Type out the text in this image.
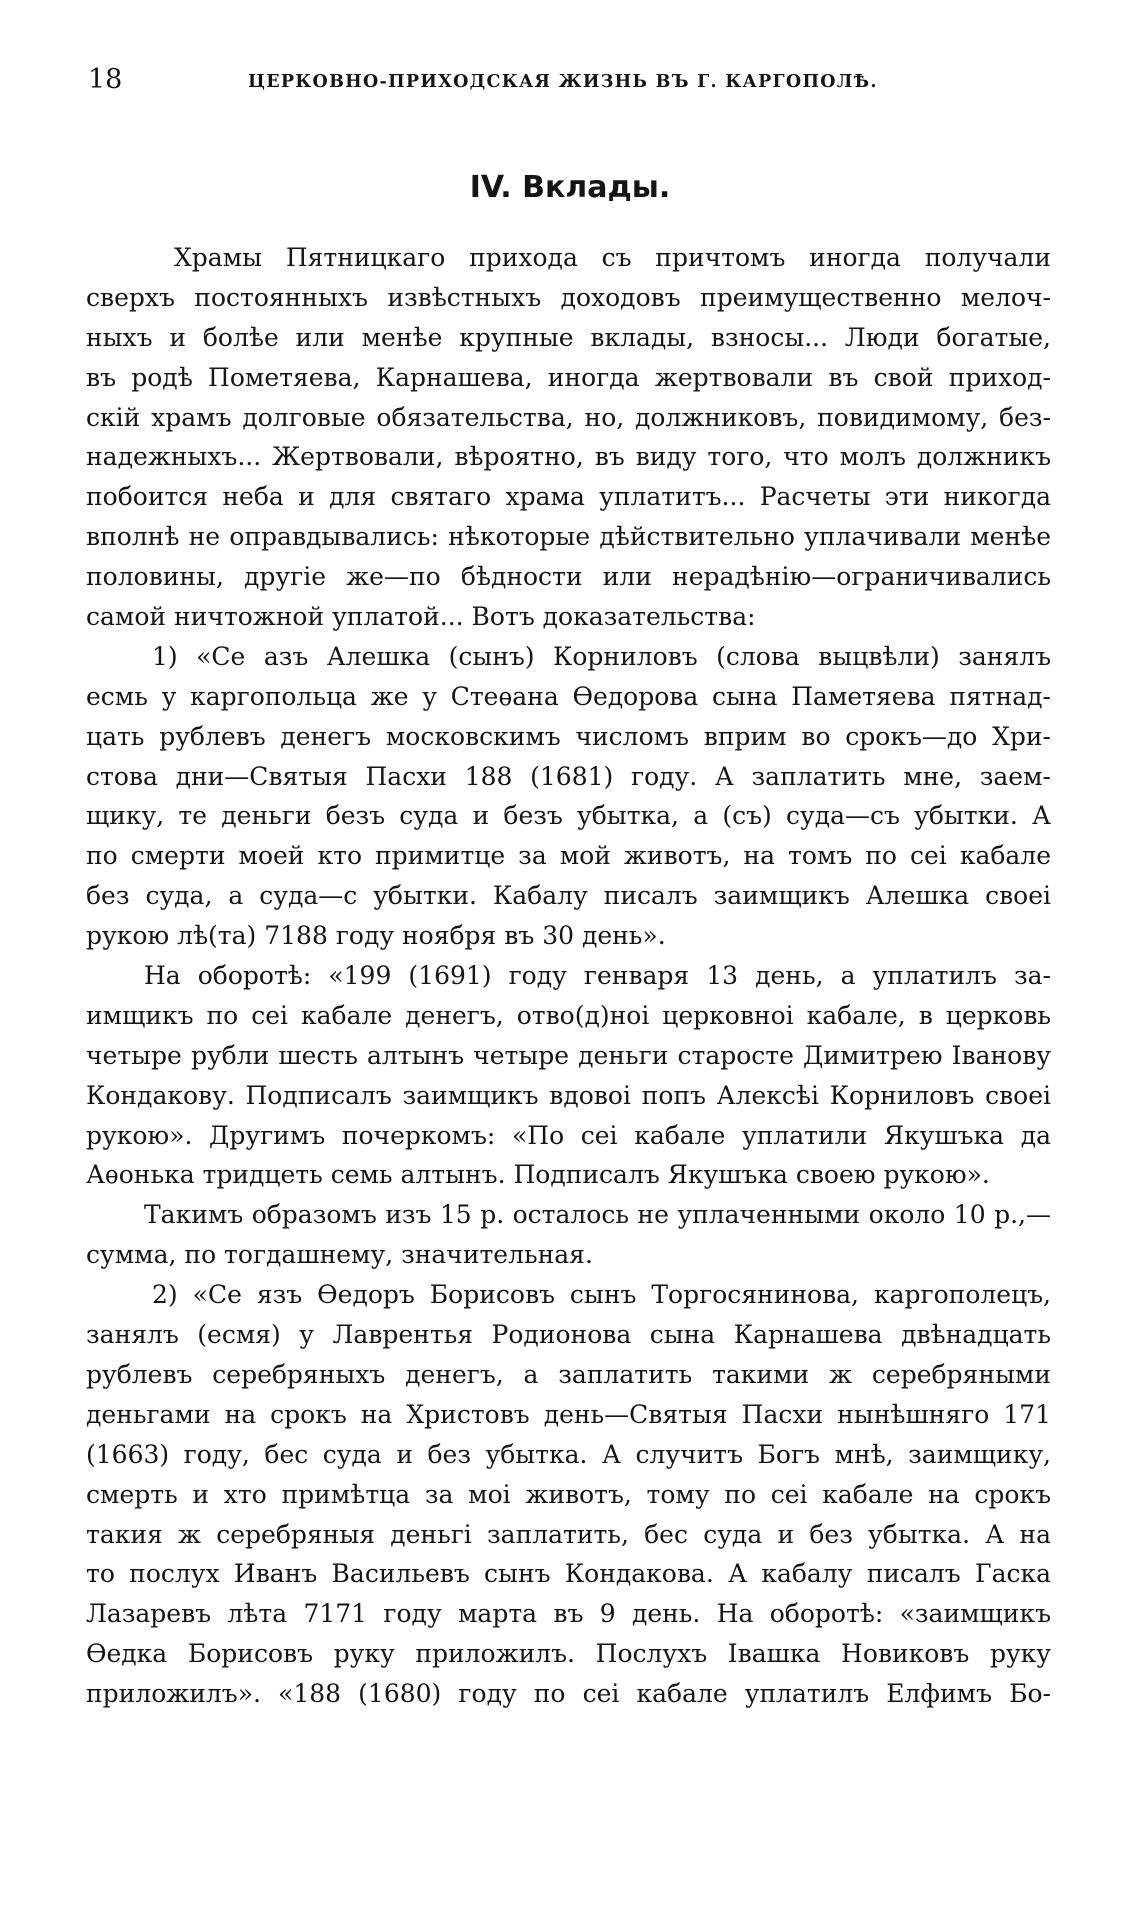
18	ЦЕРКОВНО-ПРИХОДСКАЯ ЖИЗНЬ ВЪ Г. КАРГОПОЛѢ.
IV. Вклады.
Храмы Пятницкаго прихода съ причтомъ иногда получали
сверхъ постоянныхъ извѣстныхъ доходовъ преимущественно мелоч-
ныхъ и болѣе или менѣе крупные вклады, взносы... Люди богатые,
въ родѣ Пометяева, Карнашева, иногда жертвовали въ свой приход-
скій храмъ долговые обязательства, но, должниковъ, повидимому, без-
надежныхъ... Жертвовали, вѣроятно, въ виду того, что молъ должникъ
побоится неба и для святаго храма уплатитъ... Расчеты эти никогда
вполнѣ не оправдывались: нѣкоторые дѣйствительно уплачивали менѣе
половины, другіе же—по бѣдности или нерадѣнію—ограничивались
самой ничтожной уплатой... Вотъ доказательства:
1) «Се азъ Алешка (сынъ) Корниловъ (слова выцвѣли) занялъ
есмь у каргопольца же у Стеѳана Ѳедорова сына Паметяева пятнад-
цать рублевъ денегъ московскимъ числомъ вприм во срокъ—до Хри-
стова дни—Святыя Пасхи 188 (1681) году. А заплатить мне, заем-
щику, те деньги безъ суда и безъ убытка, а (съ) суда—съ убытки. А
по смерти моей кто примитце за мой животъ, на томъ по сеі кабале
без суда, а суда—с убытки. Кабалу писалъ заимщикъ Алешка своеі
рукою лѣ(та) 7188 году ноября въ 30 день».
На оборотѣ: «199 (1691) году генваря 13 день, а уплатилъ за-
имщикъ по сеі кабале денегъ, отво(д)ноі церковноі кабале, в церковь
четыре рубли шесть алтынъ четыре деньги старосте Димитрею Іванову
Кондакову. Подписалъ заимщикъ вдовоі попъ Алексѣі Корниловъ своеі
рукою». Другимъ почеркомъ: «По сеі кабале уплатили Якушъка да
Аѳонька тридцеть семь алтынъ. Подписалъ Якушъка своею рукою».
Такимъ образомъ изъ 15 р. осталось не уплаченными около 10 р.,—
сумма, по тогдашнему, значительная.
2) «Се язъ Ѳедоръ Борисовъ сынъ Торгосянинова, каргополецъ,
занялъ (есмя) у Лаврентья Родионова сына Карнашева двѣнадцать
рублевъ серебряныхъ денегъ, а заплатить такими ж серебряными
деньгами на срокъ на Христовъ день—Святыя Пасхи нынѣшняго 171
(1663) году, бес суда и без убытка. А случитъ Богъ мнѣ, заимщику,
смерть и хто примѣтца за моі животъ, тому по сеі кабале на срокъ
такия ж серебряныя деньгі заплатить, бес суда и без убытка. А на
то послух Иванъ Васильевъ сынъ Кондакова. А кабалу писалъ Гаска
Лазаревъ лѣта 7171 году марта въ 9 день. На оборотѣ: «заимщикъ
Ѳедка Борисовъ руку приложилъ. Послухъ Івашка Новиковъ руку
приложилъ». «188 (1680) году по сеі кабале уплатилъ Елфимъ Бо-
